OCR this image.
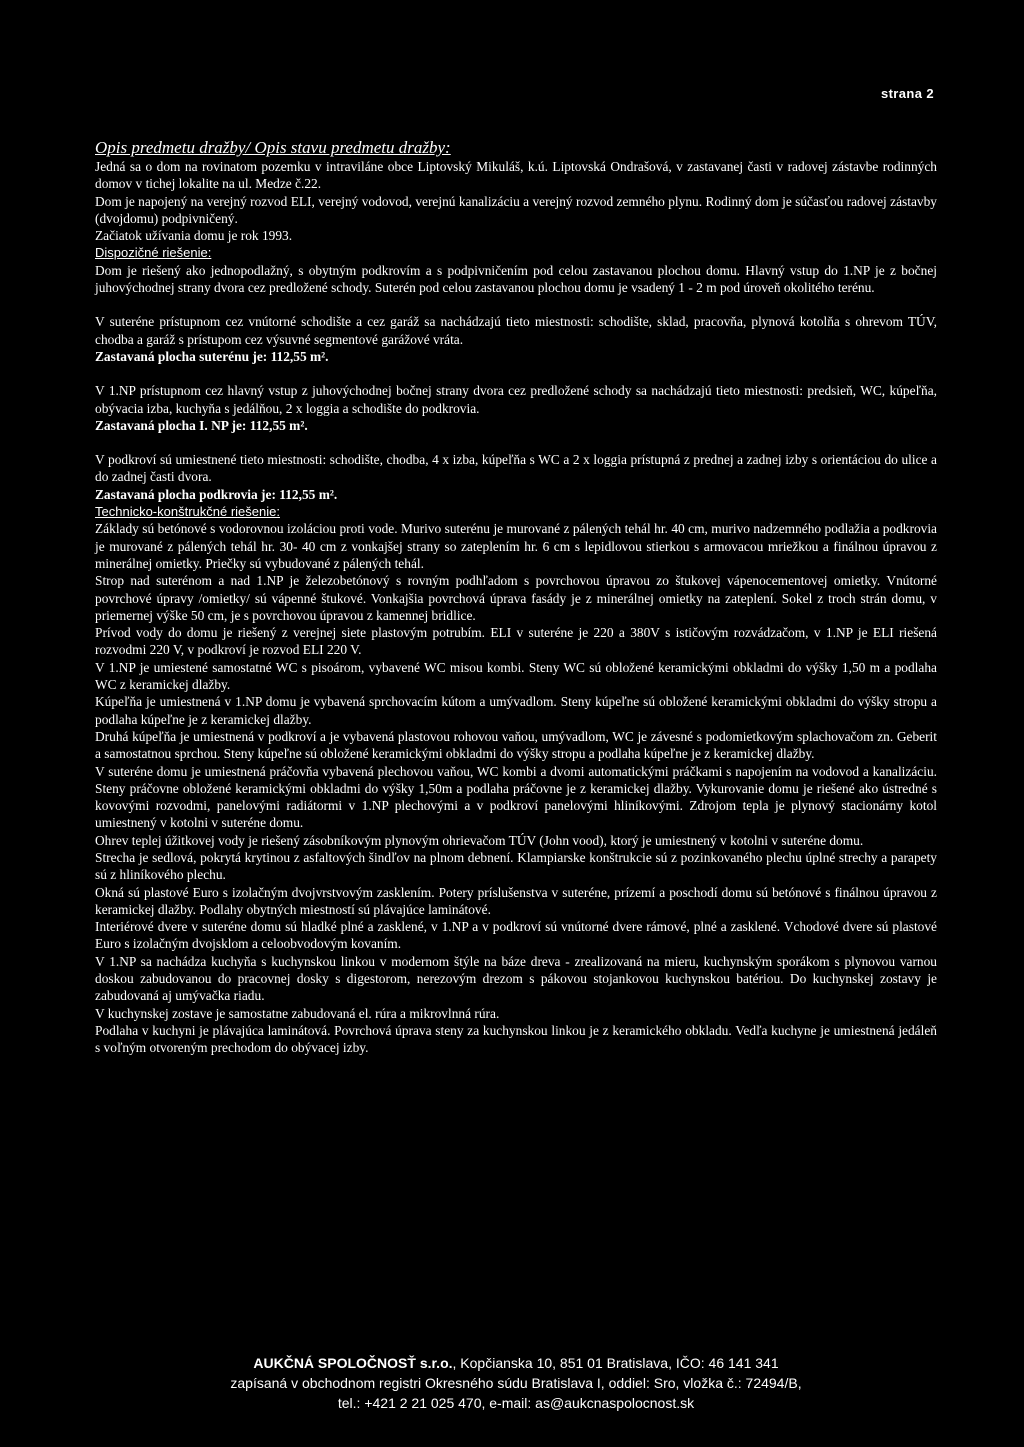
strana 2

Opis predmetu dražby/ Opis stavu predmetu dražby:

Jedná sa o dom na rovinatom pozemku v intraviláne obce Liptovský Mikuláš, k.ú. Liptovská Ondrašová, v zastavanej časti v radovej zástavbe rodinných domov v tichej lokalite na ul. Medze č.22.

Dom je napojený na verejný rozvod ELI, verejný vodovod, verejnú kanalizáciu a verejný rozvod zemného plynu. Rodinný dom je súčasťou radovej zástavby (dvojdomu) podpivničený.

Začiatok užívania domu je rok 1993.

Dispozičné riešenie:

Dom je riešený ako jednopodlažný, s obytným podkrovím a s podpivničením pod celou zastavanou plochou domu. Hlavný vstup do 1.NP je z bočnej juhovýchodnej strany dvora cez predložené schody. Suterén pod celou zastavanou plochou domu je vsadený 1 - 2 m pod úroveň okolitého terénu.

V suteréne prístupnom cez vnútorné schodište a cez garáž sa nachádzajú tieto miestnosti: schodište, sklad, pracovňa, plynová kotolňa s ohrevom TÚV, chodba a garáž s prístupom cez výsuvné segmentové garážové vráta.

Zastavaná plocha suterénu je: 112,55 m².

V 1.NP prístupnom cez hlavný vstup z juhovýchodnej bočnej strany dvora cez predložené schody sa nachádzajú tieto miestnosti: predsieň, WC, kúpeľňa, obývacia izba, kuchyňa s jedálňou, 2 x loggia a schodište do podkrovia.

Zastavaná plocha I. NP je: 112,55 m².

V podkroví sú umiestnené tieto miestnosti: schodište, chodba, 4 x izba, kúpeľňa s WC a 2 x loggia prístupná z prednej a zadnej izby s orientáciou do ulice a do zadnej časti dvora.

Zastavaná plocha podkrovia je: 112,55 m².

Technicko-konštrukčné riešenie:

Základy sú betónové s vodorovnou izoláciou proti vode. Murivo suterénu je murované z pálených tehál hr. 40 cm, murivo nadzemného podlažia a podkrovia je murované z pálených tehál hr. 30- 40 cm z vonkajšej strany so zateplením hr. 6 cm s lepidlovou stierkou s armovacou mriežkou a finálnou úpravou z minerálnej omietky. Priečky sú vybudované z pálených tehál.

Strop nad suterénom a nad 1.NP je železobetónový s rovným podhľadom s povrchovou úpravou zo štukovej vápenocementovej omietky. Vnútorné povrchové úpravy /omietky/ sú vápenné štukové. Vonkajšia povrchová úprava fasády je z minerálnej omietky na zateplení. Sokel z troch strán domu, v priemernej výške 50 cm, je s povrchovou úpravou z kamennej bridlice.

Prívod vody do domu je riešený z verejnej siete plastovým potrubím. ELI v suteréne je 220 a 380V s ističovým rozvádzačom, v 1.NP je ELI riešená rozvodmi 220 V, v podkroví je rozvod ELI 220 V.

V 1.NP je umiestené samostatné WC s pisoárom, vybavené WC misou kombi. Steny WC sú obložené keramickými obkladmi do výšky 1,50 m a podlaha WC z keramickej dlažby.

Kúpeľňa je umiestnená v 1.NP domu je vybavená sprchovacím kútom a umývadlom. Steny kúpeľne sú obložené keramickými obkladmi do výšky stropu a podlaha kúpeľne je z keramickej dlažby.

Druhá kúpeľňa je umiestnená v podkroví a je vybavená plastovou rohovou vaňou, umývadlom, WC je závesné s podomietkovým splachovačom zn. Geberit a samostatnou sprchou. Steny kúpeľne sú obložené keramickými obkladmi do výšky stropu a podlaha kúpeľne je z keramickej dlažby.

V suteréne domu je umiestnená práčovňa vybavená plechovou vaňou, WC kombi a dvomi automatickými práčkami s napojením na vodovod a kanalizáciu. Steny práčovne obložené keramickými obkladmi do výšky 1,50m a podlaha práčovne je z keramickej dlažby. Vykurovanie domu je riešené ako ústredné s kovovými rozvodmi, panelovými radiátormi v 1.NP plechovými a v podkroví panelovými hliníkovými. Zdrojom tepla je plynový stacionárny kotol umiestnený v kotolni v suteréne domu.

Ohrev teplej úžitkovej vody je riešený zásobníkovým plynovým ohrievačom TÚV (John vood), ktorý je umiestnený v kotolni v suteréne domu.

Strecha je sedlová, pokrytá krytinou z asfaltových šindľov na plnom debnení. Klampiarske konštrukcie sú z pozinkovaného plechu úplné strechy a parapety sú z hliníkového plechu.

Okná sú plastové Euro s izolačným dvojvrstvovým zasklením. Potery príslušenstva v suteréne, prízemí a poschodí domu sú betónové s finálnou úpravou z keramickej dlažby. Podlahy obytných miestností sú plávajúce laminátové.

Interiérové dvere v suteréne domu sú hladké plné a zasklené, v 1.NP a v podkroví sú vnútorné dvere rámové, plné a zasklené. Vchodové dvere sú plastové Euro s izolačným dvojsklom a celoobvodovým kovaním.

V 1.NP sa nachádza kuchyňa s kuchynskou linkou v modernom štýle na báze dreva - zrealizovaná na mieru, kuchynským sporákom s plynovou varnou doskou zabudovanou do pracovnej dosky s digestorom, nerezovým drezom s pákovou stojankovou kuchynskou batériou. Do kuchynskej zostavy je zabudovaná aj umývačka riadu.

V kuchynskej zostave je samostatne zabudovaná el. rúra a mikrovlnná rúra.

Podlaha v kuchyni je plávajúca laminátová. Povrchová úprava steny za kuchynskou linkou je z keramického obkladu. Vedľa kuchyne je umiestnená jedáleň s voľným otvoreným prechodom do obývacej izby.

AUKČNÁ SPOLOČNOSŤ s.r.o., Kopčianska 10, 851 01 Bratislava, IČO: 46 141 341
zapísaná v obchodnom registri Okresného súdu Bratislava I, oddiel: Sro, vložka č.: 72494/B,
tel.: +421 2 21 025 470, e-mail: as@aukcnaspolocnost.sk
